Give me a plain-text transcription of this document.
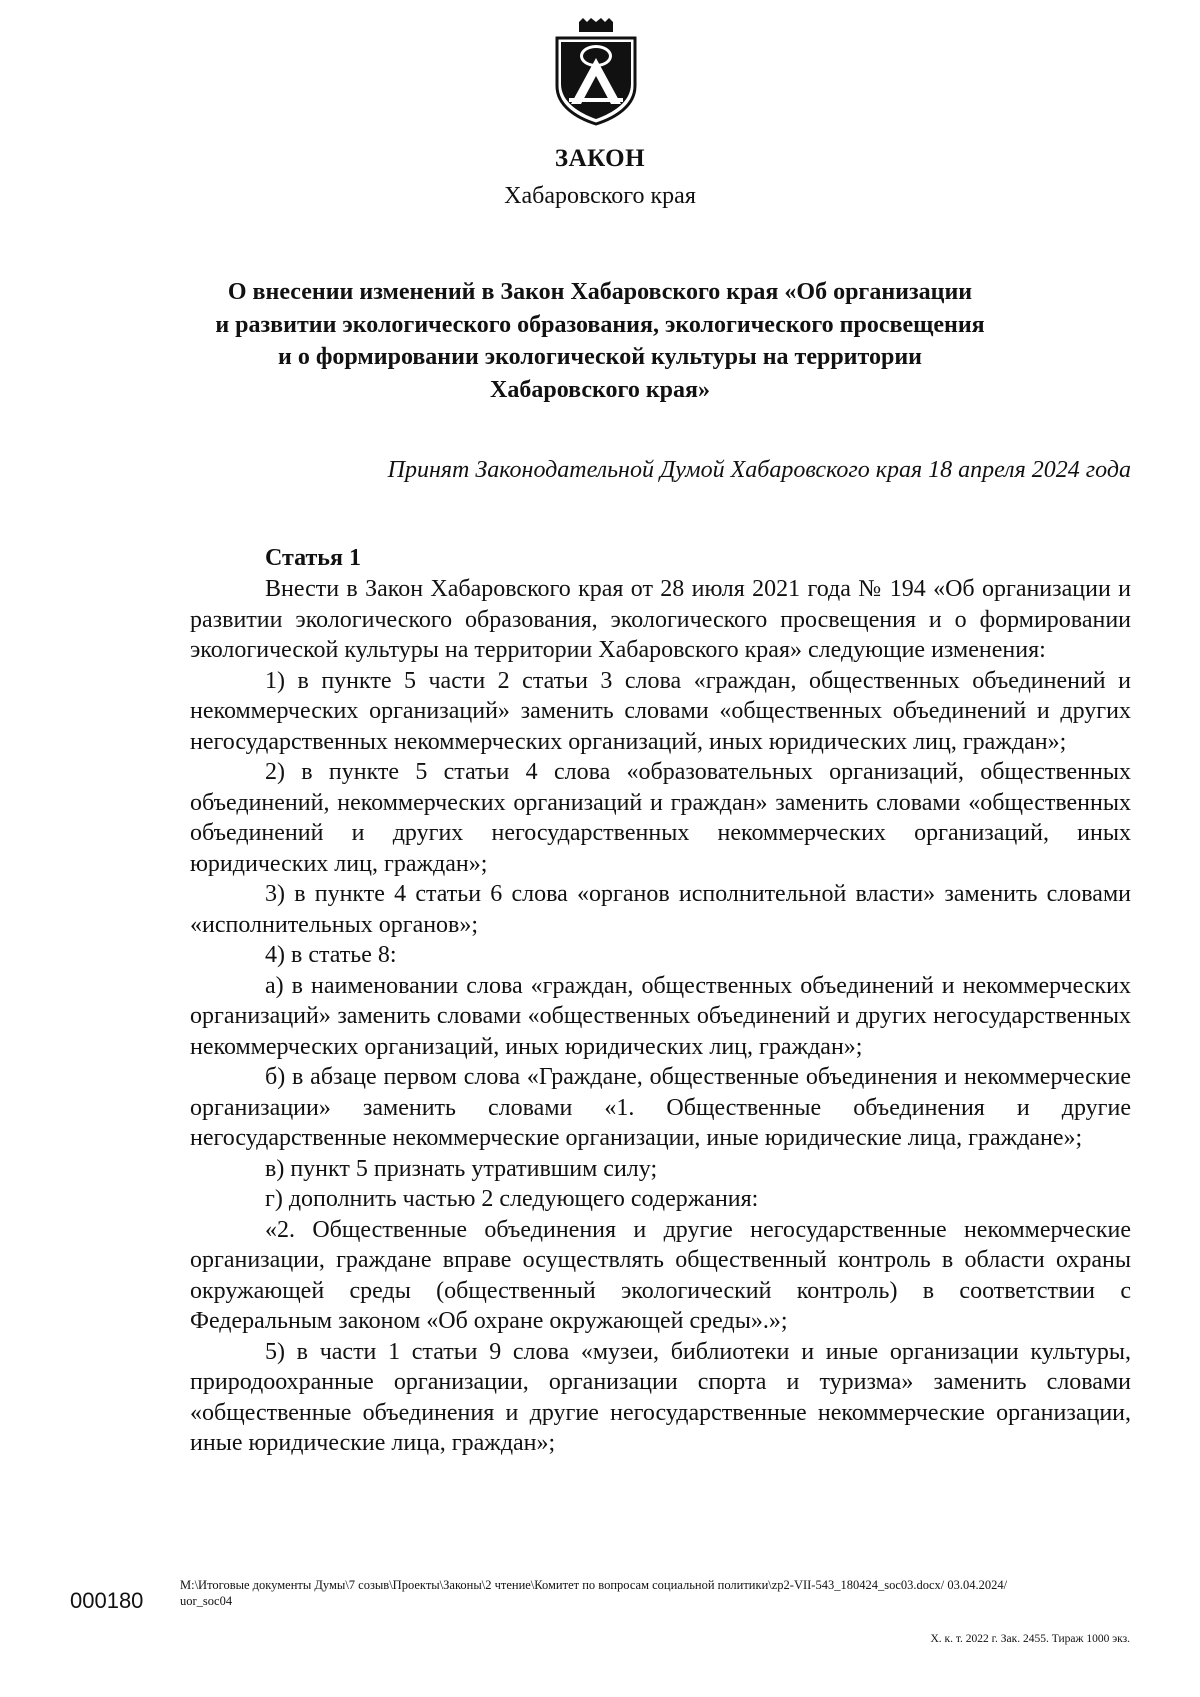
ЗАКОН
Хабаровского края
О внесении изменений в Закон Хабаровского края «Об организации
и развитии экологического образования, экологического просвещения
и о формировании экологической культуры на территории
Хабаровского края»
Принят Законодательной Думой Хабаровского края 18 апреля 2024 года
Статья 1

Внести в Закон Хабаровского края от 28 июля 2021 года № 194 «Об организации и развитии экологического образования, экологического просвещения и о формировании экологической культуры на территории Хабаровского края» следующие изменения:

1) в пункте 5 части 2 статьи 3 слова «граждан, общественных объединений и некоммерческих организаций» заменить словами «общественных объединений и других негосударственных некоммерческих организаций, иных юридических лиц, граждан»;

2) в пункте 5 статьи 4 слова «образовательных организаций, общественных объединений, некоммерческих организаций и граждан» заменить словами «общественных объединений и других негосударственных некоммерческих организаций, иных юридических лиц, граждан»;

3) в пункте 4 статьи 6 слова «органов исполнительной власти» заменить словами «исполнительных органов»;

4) в статье 8:

а) в наименовании слова «граждан, общественных объединений и некоммерческих организаций» заменить словами «общественных объединений и других негосударственных некоммерческих организаций, иных юридических лиц, граждан»;

б) в абзаце первом слова «Граждане, общественные объединения и некоммерческие организации» заменить словами «1. Общественные объединения и другие негосударственные некоммерческие организации, иные юридические лица, граждане»;

в) пункт 5 признать утратившим силу;

г) дополнить частью 2 следующего содержания:

«2. Общественные объединения и другие негосударственные некоммерческие организации, граждане вправе осуществлять общественный контроль в области охраны окружающей среды (общественный экологический контроль) в соответствии с Федеральным законом «Об охране окружающей среды».»;

5) в части 1 статьи 9 слова «музеи, библиотеки и иные организации культуры, природоохранные организации, организации спорта и туризма» заменить словами «общественные объединения и другие негосударственные некоммерческие организации, иные юридические лица, граждан»;

000180
M:\Итоговые документы Думы\7 созыв\Проекты\Законы\2 чтение\Комитет по вопросам социальной политики\zp2-VII-543_180424_soc03.docx/ 03.04.2024/
uor_soc04
Х. к. т. 2022 г. Зак. 2455. Тираж 1000 экз.
